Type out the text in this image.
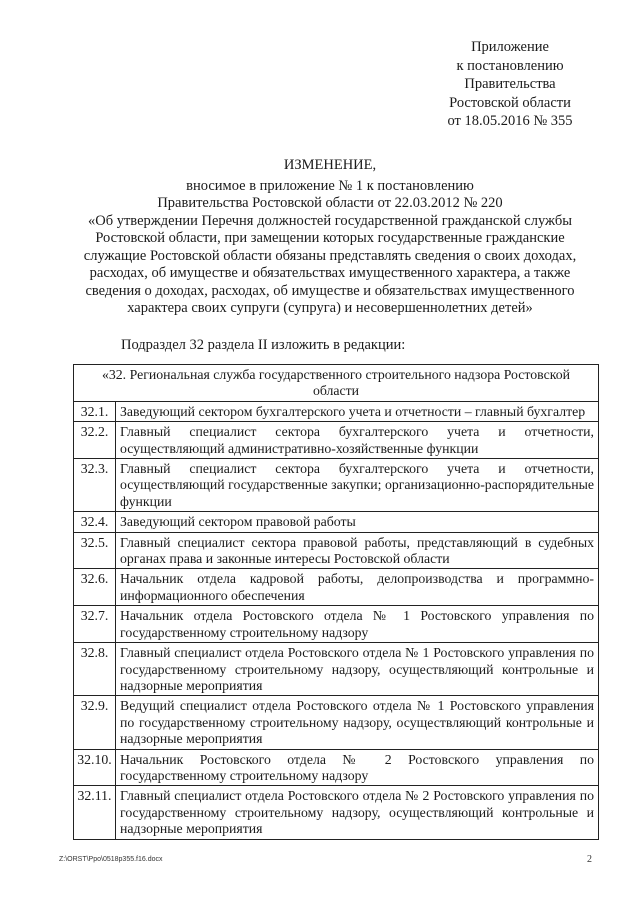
Приложение
к постановлению
Правительства
Ростовской области
от 18.05.2016 № 355
ИЗМЕНЕНИЕ,
вносимое в приложение № 1 к постановлению
Правительства Ростовской области от 22.03.2012 № 220
«Об утверждении Перечня должностей государственной гражданской службы
Ростовской области, при замещении которых государственные гражданские
служащие Ростовской области обязаны представлять сведения о своих доходах,
расходах, об имуществе и обязательствах имущественного характера, а также
сведения о доходах, расходах, об имуществе и обязательствах имущественного
характера своих супруги (супруга) и несовершеннолетних детей»
Подраздел 32 раздела II изложить в редакции:
«32. Региональная служба государственного строительного надзора Ростовской области	
32.1.	Заведующий сектором бухгалтерского учета и отчетности – главный бухгалтер
32.2.	Главный специалист сектора бухгалтерского учета и отчетности, осуществляющий административно-хозяйственные функции
32.3.	Главный специалист сектора бухгалтерского учета и отчетности, осуществляющий государственные закупки; организационно-распорядительные функции
32.4.	Заведующий сектором правовой работы
32.5.	Главный специалист сектора правовой работы, представляющий в судебных органах права и законные интересы Ростовской области
32.6.	Начальник отдела кадровой работы, делопроизводства и программно-информационного обеспечения
32.7.	Начальник отдела Ростовского отдела № 1 Ростовского управления по государственному строительному надзору
32.8.	Главный специалист отдела Ростовского отдела № 1 Ростовского управления по государственному строительному надзору, осуществляющий контрольные и надзорные мероприятия
32.9.	Ведущий специалист отдела Ростовского отдела № 1 Ростовского управления по государственному строительному надзору, осуществляющий контрольные и надзорные мероприятия
32.10.	Начальник Ростовского отдела № 2 Ростовского управления по государственному строительному надзору
32.11.	Главный специалист отдела Ростовского отдела № 2 Ростовского управления по государственному строительному надзору, осуществляющий контрольные и надзорные мероприятия
Z:\ORST\Ppo\0518p355.f16.docx	2
